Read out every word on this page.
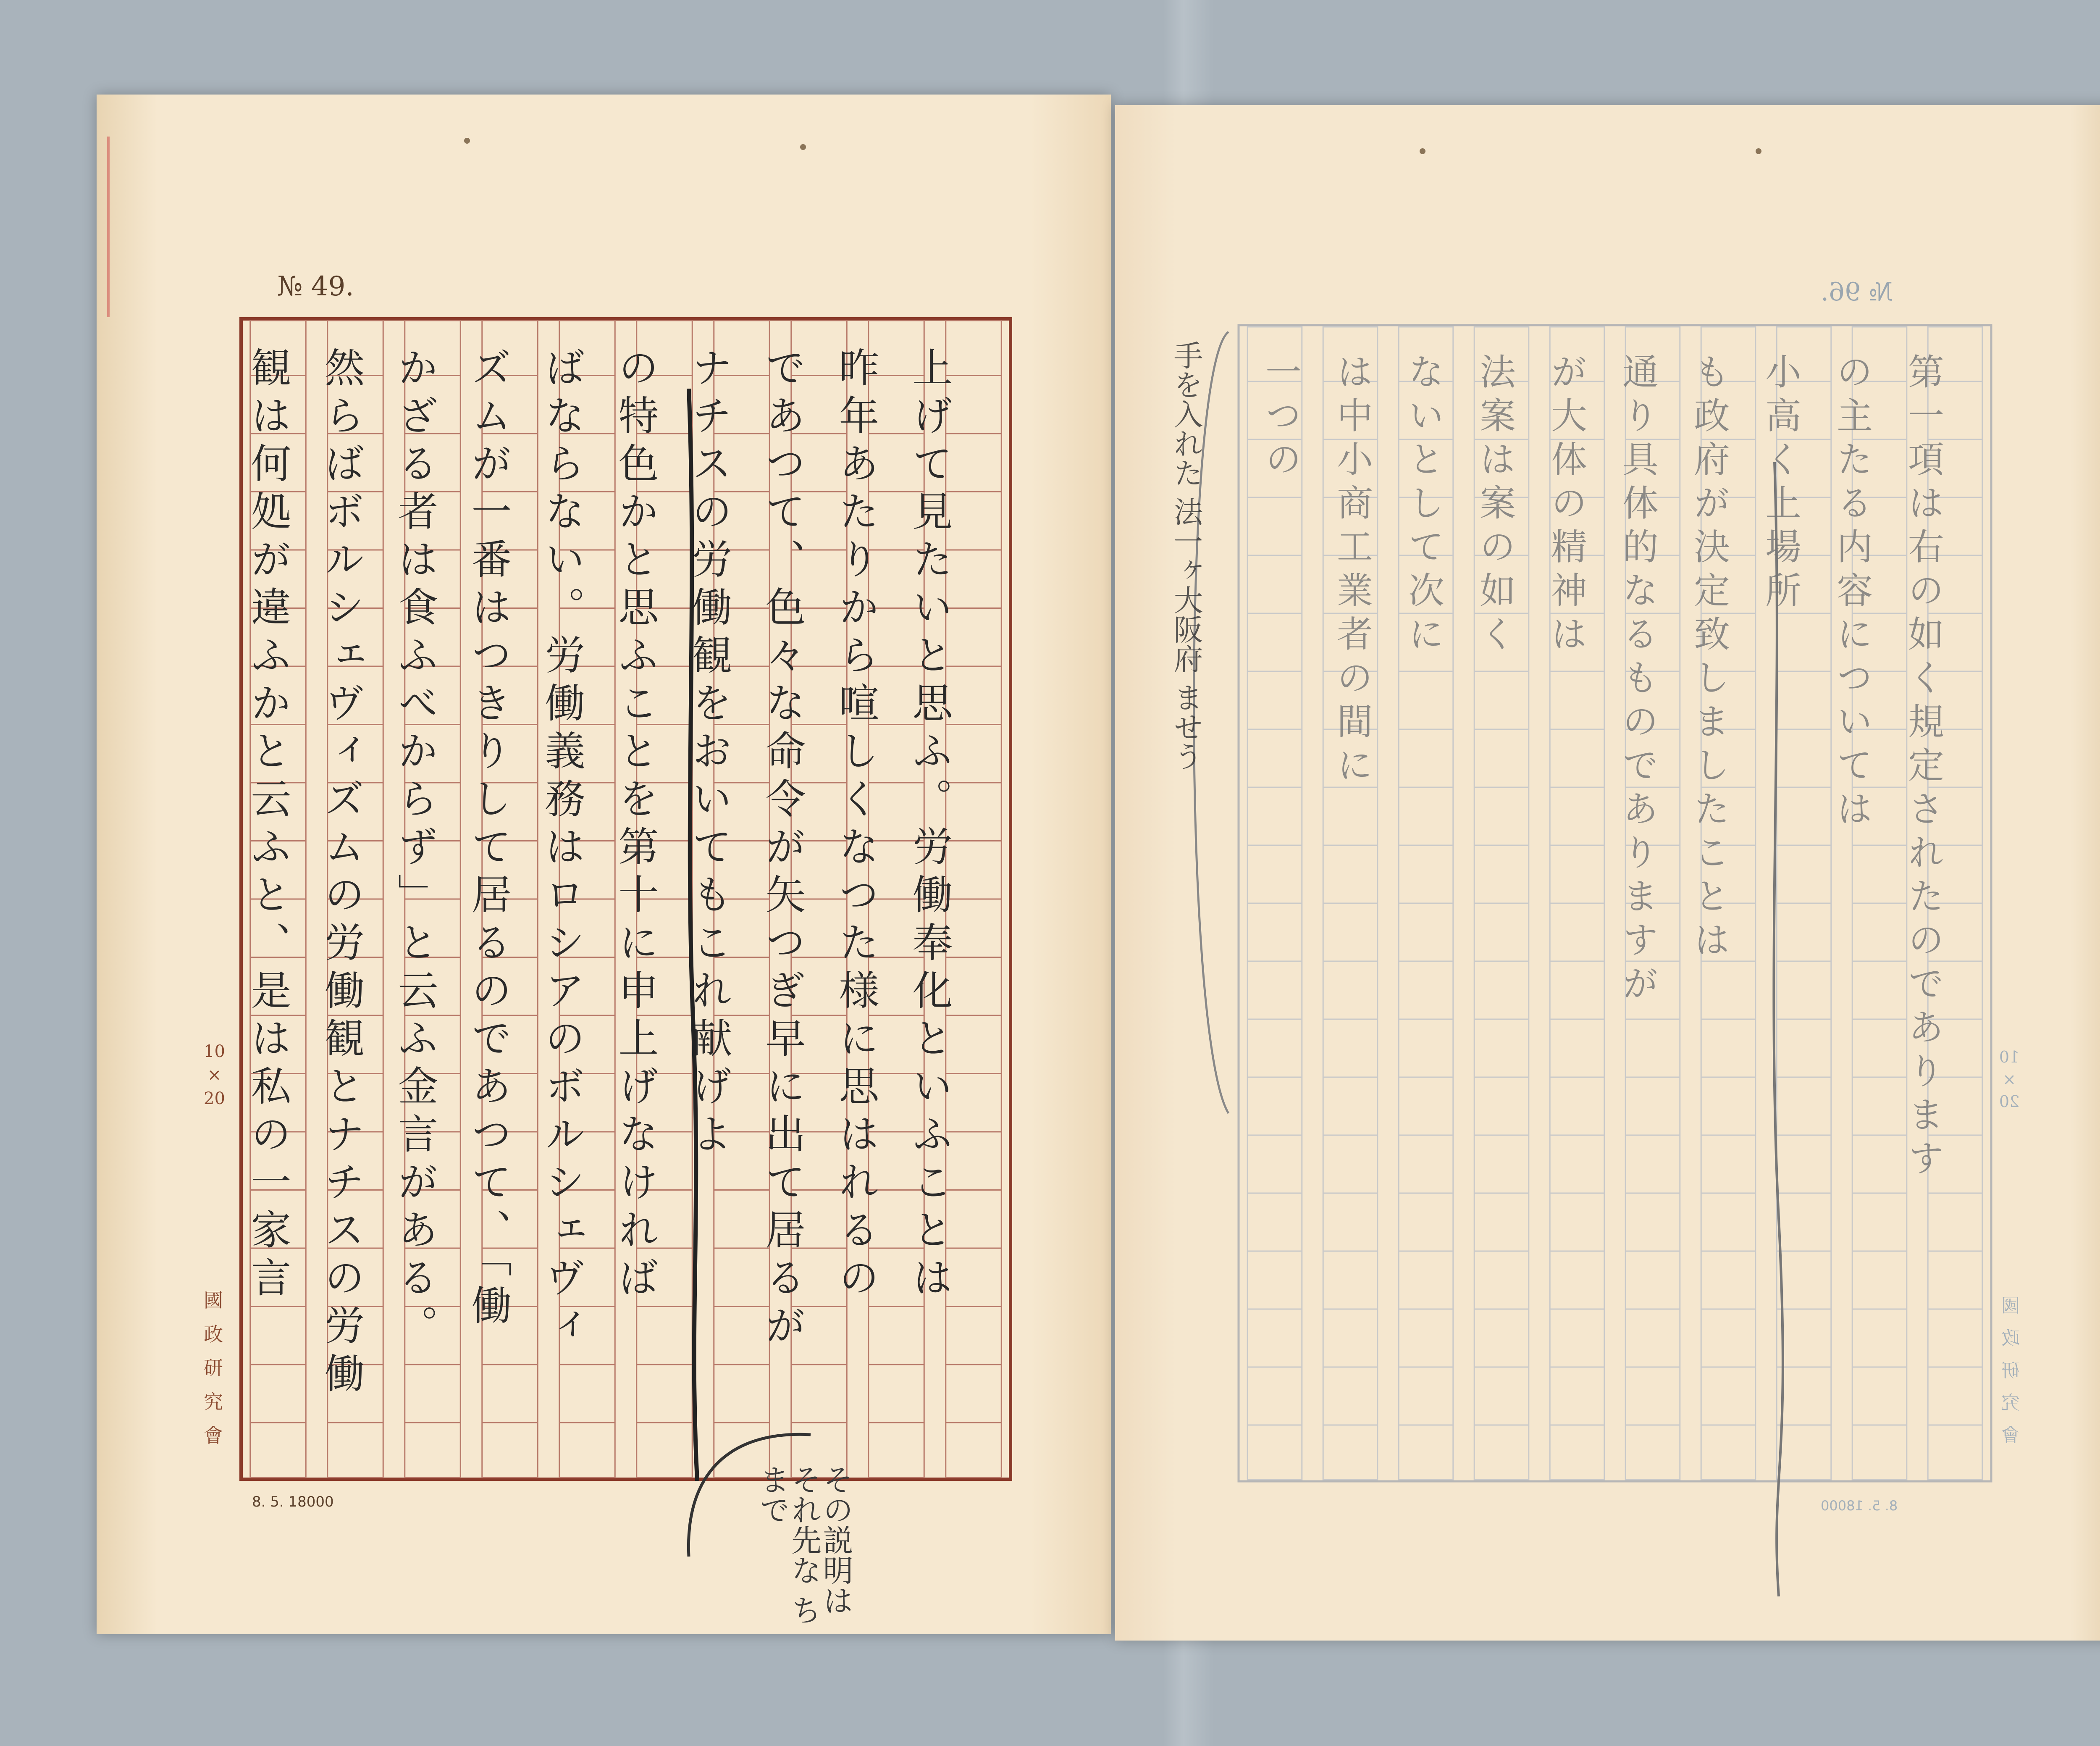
№ 49.
10
×
20
國
政
研
究
會
8. 5. 18000
上げて見たいと思ふ。労働奉化といふことは
昨年あたりから喧しくなつた様に思はれるの
であつて、色々な命令が矢つぎ早に出て居るが
ナチスの労働観をおいてもこれ献げよ
の特色かと思ふことを第十に申上げなければ
ばならない。労働義務はロシアのボルシェヴィ
ズムが一番はつきりして居るのであつて、「働
かざる者は食ふべからず」と云ふ金言がある。
然らばボルシェヴィズムの労働観とナチスの労働
観は何処が違ふかと云ふと、是は私の一家言
その説明は それ先な ちまで
№ 96.
10
×
20
國
政
研
究
會
8. 5. 18000
第一項は右の如く規定されたのであります
の主たる内容については
小高く上場所
も政府が決定致しましたことは
通り具体的なるものでありますが
が大体の精神は
法案は案の如く
ないとして次に
は中小商工業者の間に
一つの
手を入れた 法一ヶ大阪府 ませう
